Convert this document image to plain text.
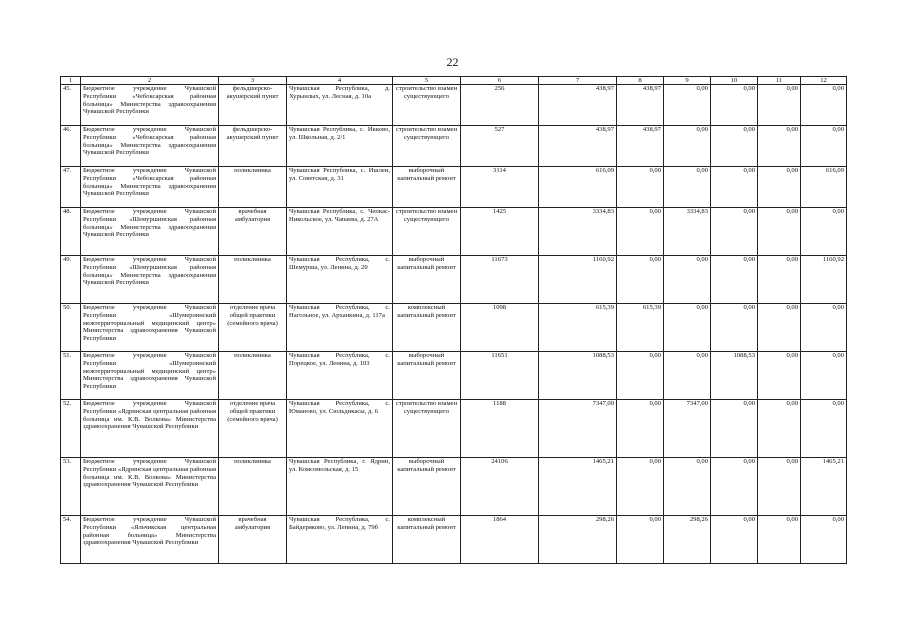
22
1	2	3	4	5	6	7	8	9	10	11	12
45.	Бюджетное учреждение Чувашской Республики «Чебоксарская районная больница» Министерства здравоохранения Чувашской Республики	фельдшерско-акушерский пункт	Чувашская Республика, д. Хурынлых, ул. Лесная, д. 10а	строительство взамен существующего	256	438,97	438,97	0,00	0,00	0,00	0,00
46.	Бюджетное учреждение Чувашской Республики «Чебоксарская районная больница» Министерства здравоохранения Чувашской Республики	фельдшерско-акушерский пункт	Чувашская Республика, с. Икково, ул. Школьная, д. 2/1	строительство взамен существующего	527	438,97	438,97	0,00	0,00	0,00	0,00
47.	Бюджетное учреждение Чувашской Республики «Чебоксарская районная больница» Министерства здравоохранения Чувашской Республики	поликлиника	Чувашская Республика, с. Ишлеи, ул. Советская, д. 31	выборочный капитальный ремонт	3114	616,09	0,00	0,00	0,00	0,00	616,09
48.	Бюджетное учреждение Чувашской Республики «Шемуршинская районная больница» Министерства здравоохранения Чувашской Республики	врачебная амбулатория	Чувашская Республика, с. Чепкас-Никольское, ул. Чапаева, д. 27А	строительство взамен существующего	1425	3334,83	0,00	3334,83	0,00	0,00	0,00
49.	Бюджетное учреждение Чувашской Республики «Шемуршинская районная больница» Министерства здравоохранения Чувашской Республики	поликлиника	Чувашская Республика, с. Шемурша, ул. Ленина, д. 20	выборочный капитальный ремонт	11673	1160,92	0,00	0,00	0,00	0,00	1160,92
50.	Бюджетное учреждение Чувашской Республики «Шумерлинский межтерриториальный медицинский центр» Министерства здравоохранения Чувашской Республики	отделение врача общей практики (семейного врача)	Чувашская Республика, с. Нагольное, ул. Арханкина, д. 117а	комплексный капитальный ремонт	1098	615,39	615,39	0,00	0,00	0,00	0,00
51.	Бюджетное учреждение Чувашской Республики «Шумерлинский межтерриториальный медицинский центр» Министерства здравоохранения Чувашской Республики	поликлиника	Чувашская Республика, с. Порецкое, ул. Ленина, д. 103	выборочный капитальный ремонт	11651	1088,53	0,00	0,00	1088,53	0,00	0,00
52.	Бюджетное учреждение Чувашской Республики «Ядринская центральная районная больница им. К.В. Волкова» Министерства здравоохранения Чувашской Республики	отделение врача общей практики (семейного врача)	Чувашская Республика, с. Юманово, ул. Сюльдикасы, д. 6	строительство взамен существующего	1188	7347,00	0,00	7347,00	0,00	0,00	0,00
53.	Бюджетное учреждение Чувашской Республики «Ядринская центральная районная больница им. К.В. Волкова» Министерства здравоохранения Чувашской Республики	поликлиника	Чувашская Республика, г. Ядрин, ул. Комсомольская, д. 15	выборочный капитальный ремонт	24106	1465,21	0,00	0,00	0,00	0,00	1465,21
54.	Бюджетное учреждение Чувашской Республики «Яльчикская центральная районная больница» Министерства здравоохранения Чувашской Республики	врачебная амбулатория	Чувашская Республика, с. Байдеряково, ул. Ленина, д. 79б	комплексный капитальный ремонт	1864	298,26	0,00	298,26	0,00	0,00	0,00
